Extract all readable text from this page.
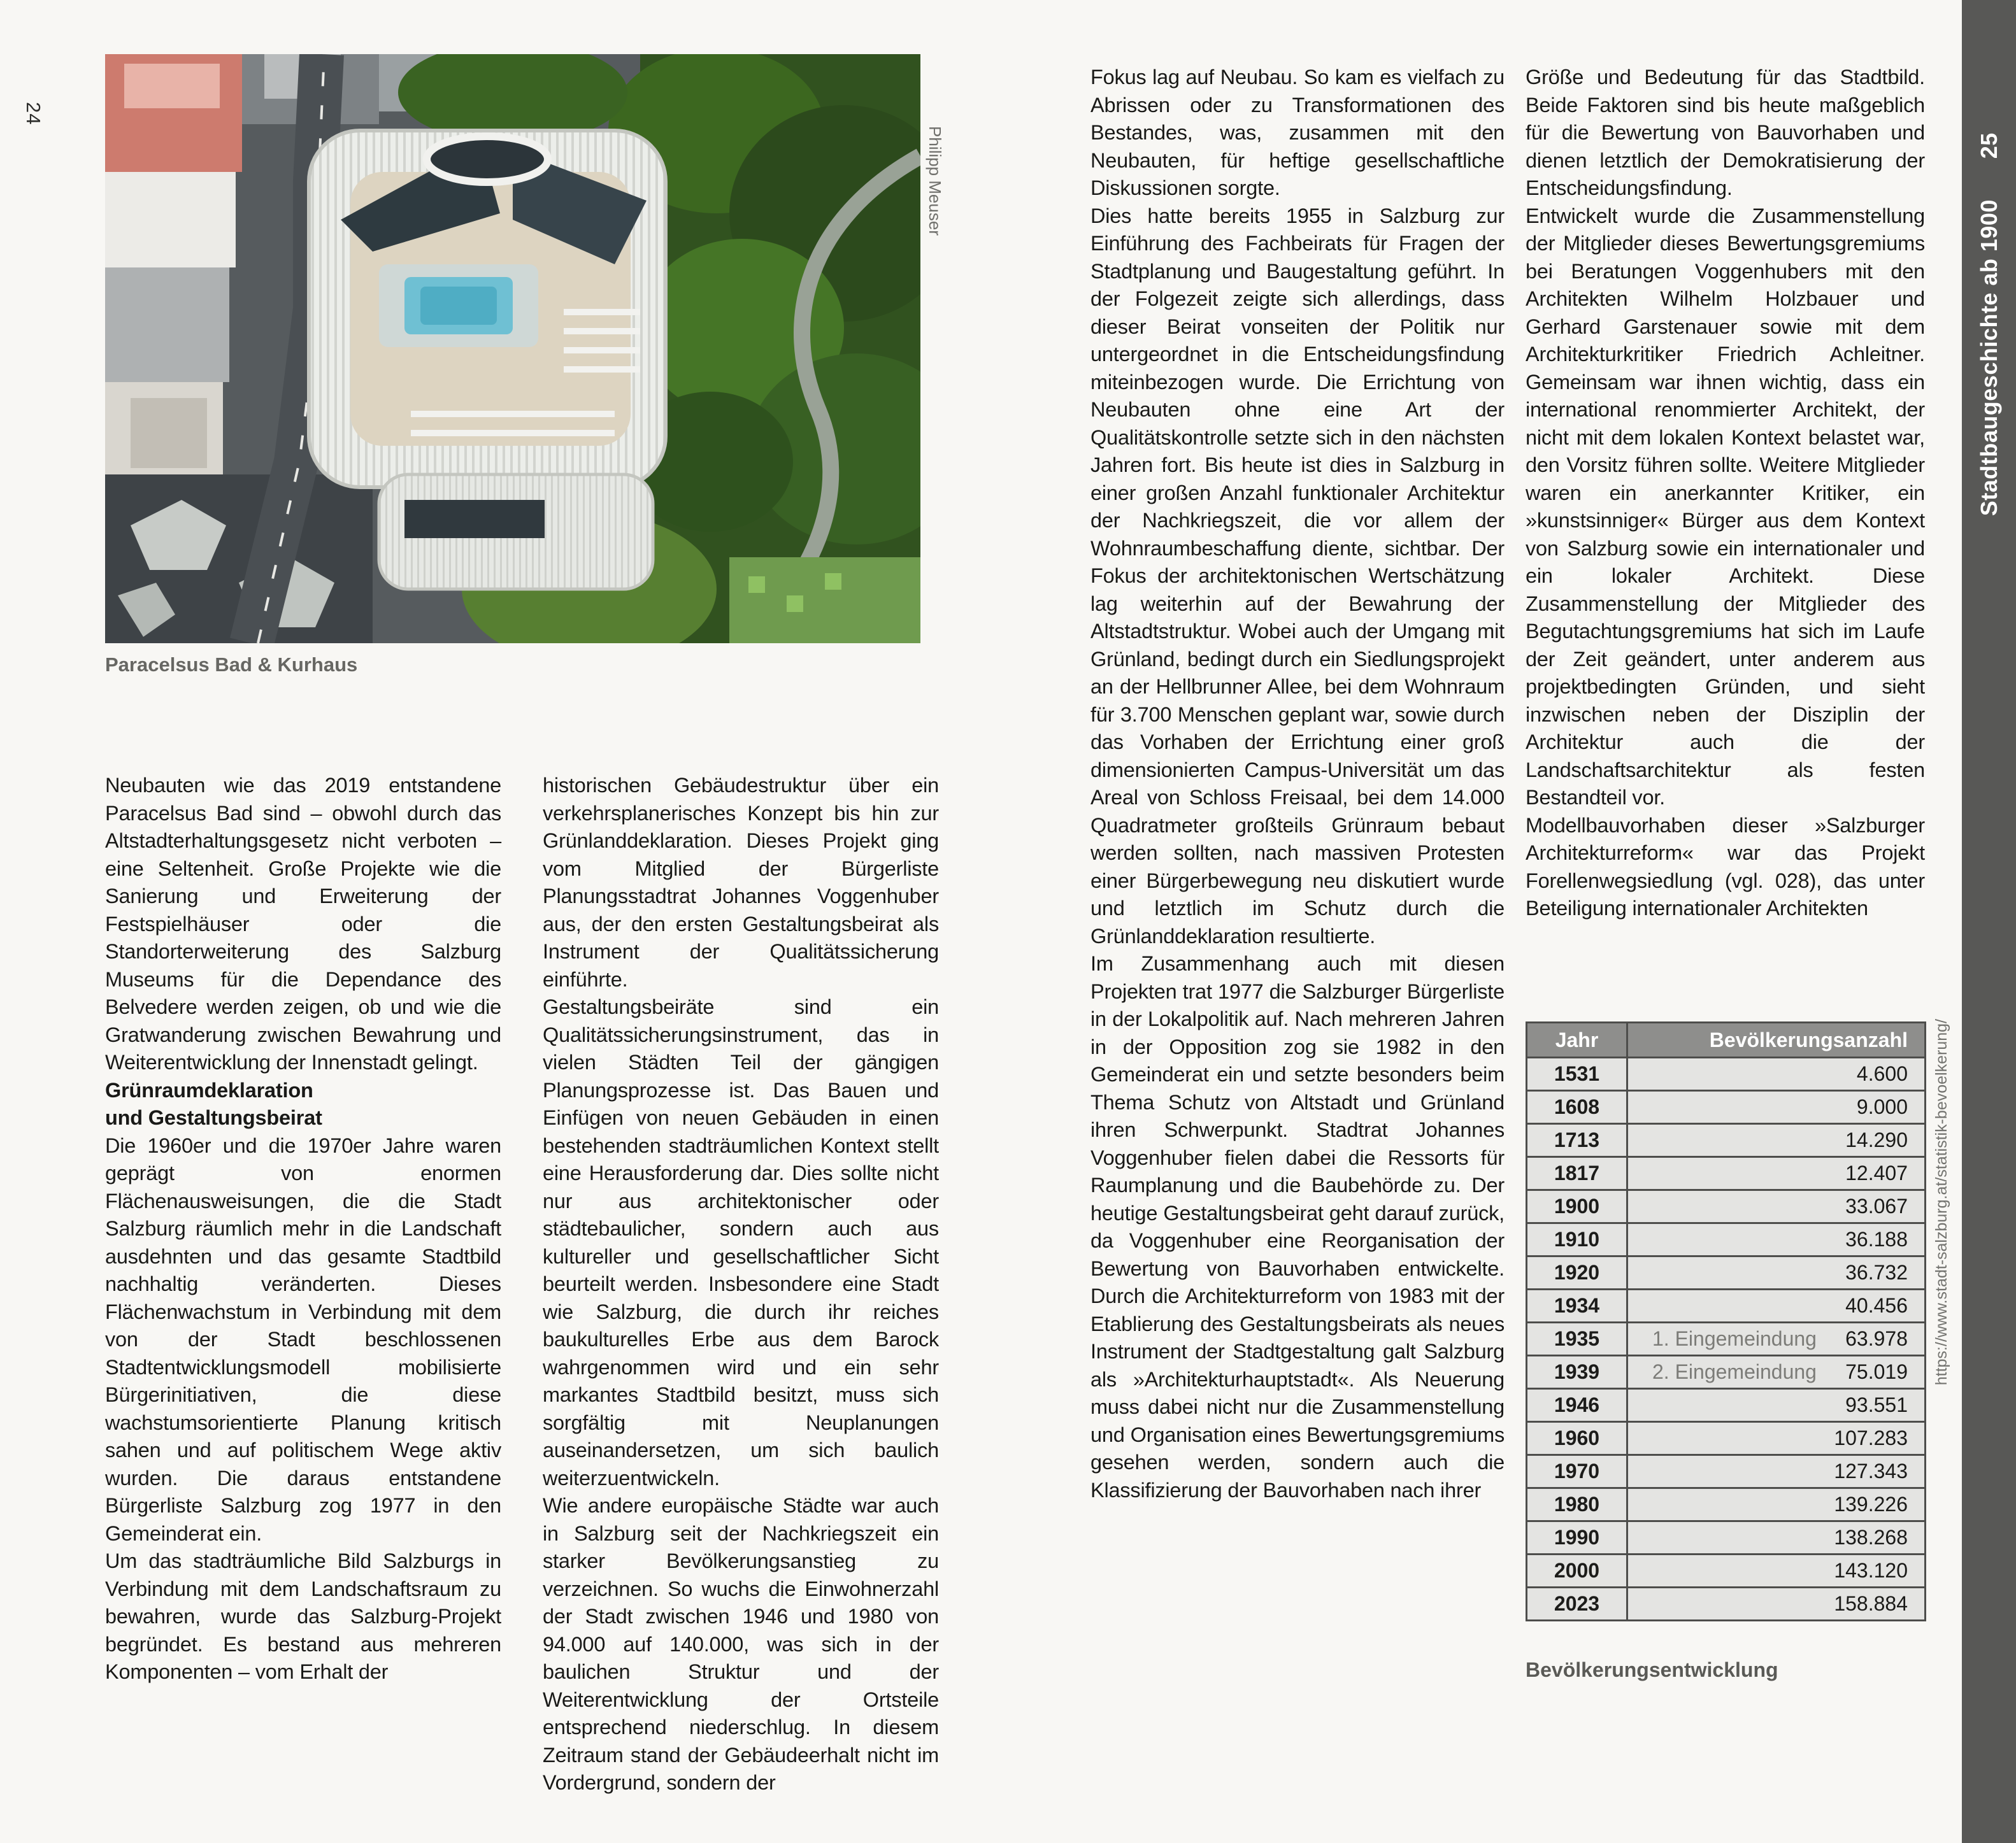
24
Philipp Meuser
Paracelsus Bad & Kurhaus

Neubauten wie das 2019 entstandene Paracelsus Bad sind – obwohl durch das Altstadterhaltungsgesetz nicht verboten – eine Seltenheit. Große Projekte wie die Sanierung und Erweiterung der Festspielhäuser oder die Standorterweiterung des Salzburg Museums für die Dependance des Belvedere werden zeigen, ob und wie die Gratwanderung zwischen Bewahrung und Weiterentwicklung der Innenstadt gelingt.

Grünraumdeklaration
und Gestaltungsbeirat

Die 1960er und die 1970er Jahre waren geprägt von enormen Flächenausweisungen, die die Stadt Salzburg räumlich mehr in die Landschaft ausdehnten und das gesamte Stadtbild nachhaltig veränderten. Dieses Flächenwachstum in Verbindung mit dem von der Stadt beschlossenen Stadtentwicklungsmodell mobilisierte Bürgerinitiativen, die diese wachstumsorientierte Planung kritisch sahen und auf politischem Wege aktiv wurden. Die daraus entstandene Bürgerliste Salzburg zog 1977 in den Gemeinderat ein.

Um das stadträumliche Bild Salzburgs in Verbindung mit dem Landschaftsraum zu bewahren, wurde das Salzburg-Projekt begründet. Es bestand aus mehreren Komponenten – vom Erhalt der

historischen Gebäudestruktur über ein verkehrsplanerisches Konzept bis hin zur Grünlanddeklaration. Dieses Projekt ging vom Mitglied der Bürgerliste Planungsstadtrat Johannes Voggenhuber aus, der den ersten Gestaltungsbeirat als Instrument der Qualitätssicherung einführte.

Gestaltungsbeiräte sind ein Qualitätssicherungsinstrument, das in vielen Städten Teil der gängigen Planungsprozesse ist. Das Bauen und Einfügen von neuen Gebäuden in einen bestehenden stadträumlichen Kontext stellt eine Herausforderung dar. Dies sollte nicht nur aus architektonischer oder städtebaulicher, sondern auch aus kultureller und gesellschaftlicher Sicht beurteilt werden. Insbesondere eine Stadt wie Salzburg, die durch ihr reiches baukulturelles Erbe aus dem Barock wahrgenommen wird und ein sehr markantes Stadtbild besitzt, muss sich sorgfältig mit Neuplanungen auseinandersetzen, um sich baulich weiterzuentwickeln.

Wie andere europäische Städte war auch in Salzburg seit der Nachkriegszeit ein starker Bevölkerungsanstieg zu verzeichnen. So wuchs die Einwohnerzahl der Stadt zwischen 1946 und 1980 von 94.000 auf 140.000, was sich in der baulichen Struktur und der Weiterentwicklung der Ortsteile entsprechend niederschlug. In diesem Zeitraum stand der Gebäudeerhalt nicht im Vordergrund, sondern der

Fokus lag auf Neubau. So kam es vielfach zu Abrissen oder zu Transformationen des Bestandes, was, zusammen mit den Neubauten, für heftige gesellschaftliche Diskussionen sorgte.

Dies hatte bereits 1955 in Salzburg zur Einführung des Fachbeirats für Fragen der Stadtplanung und Baugestaltung geführt. In der Folgezeit zeigte sich allerdings, dass dieser Beirat vonseiten der Politik nur untergeordnet in die Entscheidungsfindung miteinbezogen wurde. Die Errichtung von Neubauten ohne eine Art der Qualitätskontrolle setzte sich in den nächsten Jahren fort. Bis heute ist dies in Salzburg in einer großen Anzahl funktionaler Architektur der Nachkriegszeit, die vor allem der Wohnraumbeschaffung diente, sichtbar. Der Fokus der architektonischen Wertschätzung lag weiterhin auf der Bewahrung der Altstadtstruktur. Wobei auch der Umgang mit Grünland, bedingt durch ein Siedlungsprojekt an der Hellbrunner Allee, bei dem Wohnraum für 3.700 Menschen geplant war, sowie durch das Vorhaben der Errichtung einer groß dimensionierten Campus-Universität um das Areal von Schloss Freisaal, bei dem 14.000 Quadratmeter großteils Grünraum bebaut werden sollten, nach massiven Protesten einer Bürgerbewegung neu diskutiert wurde und letztlich im Schutz durch die Grünlanddeklaration resultierte.

Im Zusammenhang auch mit diesen Projekten trat 1977 die Salzburger Bürgerliste in der Lokalpolitik auf. Nach mehreren Jahren in der Opposition zog sie 1982 in den Gemeinderat ein und setzte besonders beim Thema Schutz von Altstadt und Grünland ihren Schwerpunkt. Stadtrat Johannes Voggenhuber fielen dabei die Ressorts für Raumplanung und die Baubehörde zu. Der heutige Gestaltungsbeirat geht darauf zurück, da Voggenhuber eine Reorganisation der Bewertung von Bauvorhaben entwickelte. Durch die Architekturreform von 1983 mit der Etablierung des Gestaltungsbeirats als neues Instrument der Stadtgestaltung galt Salzburg als »Architekturhauptstadt«. Als Neuerung muss dabei nicht nur die Zusammenstellung und Organisation eines Bewertungsgremiums gesehen werden, sondern auch die Klassifizierung der Bauvorhaben nach ihrer

Größe und Bedeutung für das Stadtbild. Beide Faktoren sind bis heute maßgeblich für die Bewertung von Bauvorhaben und dienen letztlich der Demokratisierung der Entscheidungsfindung.

Entwickelt wurde die Zusammenstellung der Mitglieder dieses Bewertungsgremiums bei Beratungen Voggenhubers mit den Architekten Wilhelm Holzbauer und Gerhard Garstenauer sowie mit dem Architekturkritiker Friedrich Achleitner. Gemeinsam war ihnen wichtig, dass ein international renommierter Architekt, der nicht mit dem lokalen Kontext belastet war, den Vorsitz führen sollte. Weitere Mitglieder waren ein anerkannter Kritiker, ein »kunstsinniger« Bürger aus dem Kontext von Salzburg sowie ein internationaler und ein lokaler Architekt. Diese Zusammenstellung der Mitglieder des Begutachtungsgremiums hat sich im Laufe der Zeit geändert, unter anderem aus projektbedingten Gründen, und sieht inzwischen neben der Disziplin der Architektur auch die der Landschaftsarchitektur als festen Bestandteil vor.

Modellbauvorhaben dieser »Salzburger Architekturreform« war das Projekt Forellenwegsiedlung (vgl. 028), das unter Beteiligung internationaler Architekten

Jahr	Bevölkerungsanzahl
1531	4.600
1608	9.000
1713	14.290
1817	12.407
1900	33.067
1910	36.188
1920	36.732
1934	40.456
1935	1. Eingemeindung 63.978
1939	2. Eingemeindung 75.019
1946	93.551
1960	107.283
1970	127.343
1980	139.226
1990	138.268
2000	143.120
2023	158.884
Bevölkerungsentwicklung
https://www.stadt-salzburg.at/statistik-bevoelkerung/
Stadtbaugeschichte ab 190025
